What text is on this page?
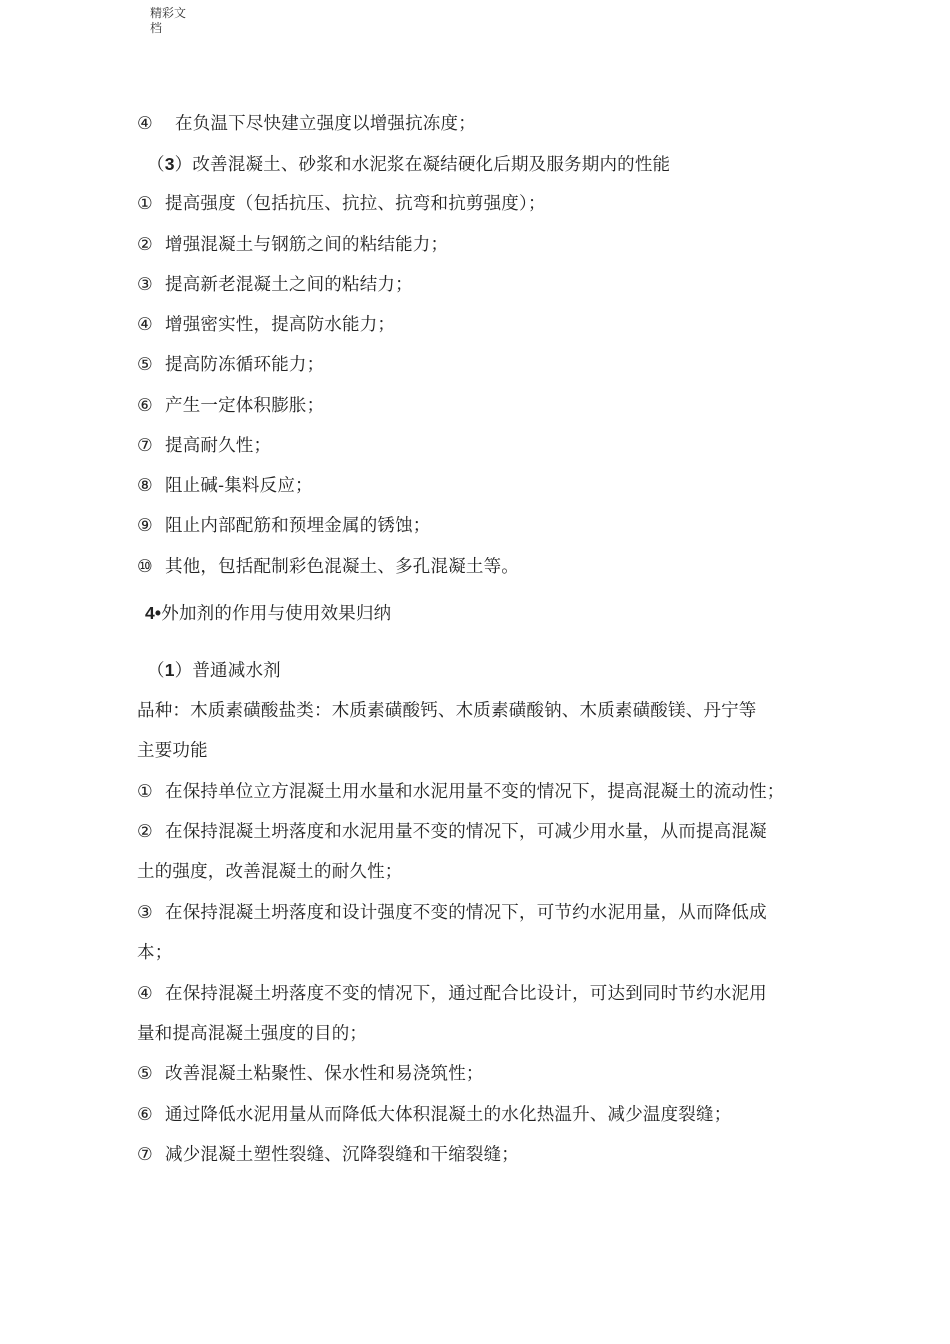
精彩文
档
④ 在负温下尽快建立强度以增强抗冻度；
（3）改善混凝土、砂浆和水泥浆在凝结硬化后期及服务期内的性能
① 提高强度（包括抗压、抗拉、抗弯和抗剪强度）；
② 增强混凝土与钢筋之间的粘结能力；
③ 提高新老混凝土之间的粘结力；
④ 增强密实性，提高防水能力；
⑤ 提高防冻循环能力；
⑥ 产生一定体积膨胀；
⑦ 提高耐久性；
⑧ 阻止碱-集料反应；
⑨ 阻止内部配筋和预埋金属的锈蚀；
⑩ 其他，包括配制彩色混凝土、多孔混凝土等。
4•外加剂的作用与使用效果归纳
（1）普通减水剂
品种：木质素磺酸盐类：木质素磺酸钙、木质素磺酸钠、木质素磺酸镁、丹宁等
主要功能
① 在保持单位立方混凝土用水量和水泥用量不变的情况下，提高混凝土的流动性；
② 在保持混凝土坍落度和水泥用量不变的情况下，可减少用水量，从而提高混凝
土的强度，改善混凝土的耐久性；
③ 在保持混凝土坍落度和设计强度不变的情况下，可节约水泥用量，从而降低成
本；
④ 在保持混凝土坍落度不变的情况下，通过配合比设计，可达到同时节约水泥用
量和提高混凝土强度的目的；
⑤ 改善混凝土粘聚性、保水性和易浇筑性；
⑥ 通过降低水泥用量从而降低大体积混凝土的水化热温升、减少温度裂缝；
⑦ 减少混凝土塑性裂缝、沉降裂缝和干缩裂缝；
